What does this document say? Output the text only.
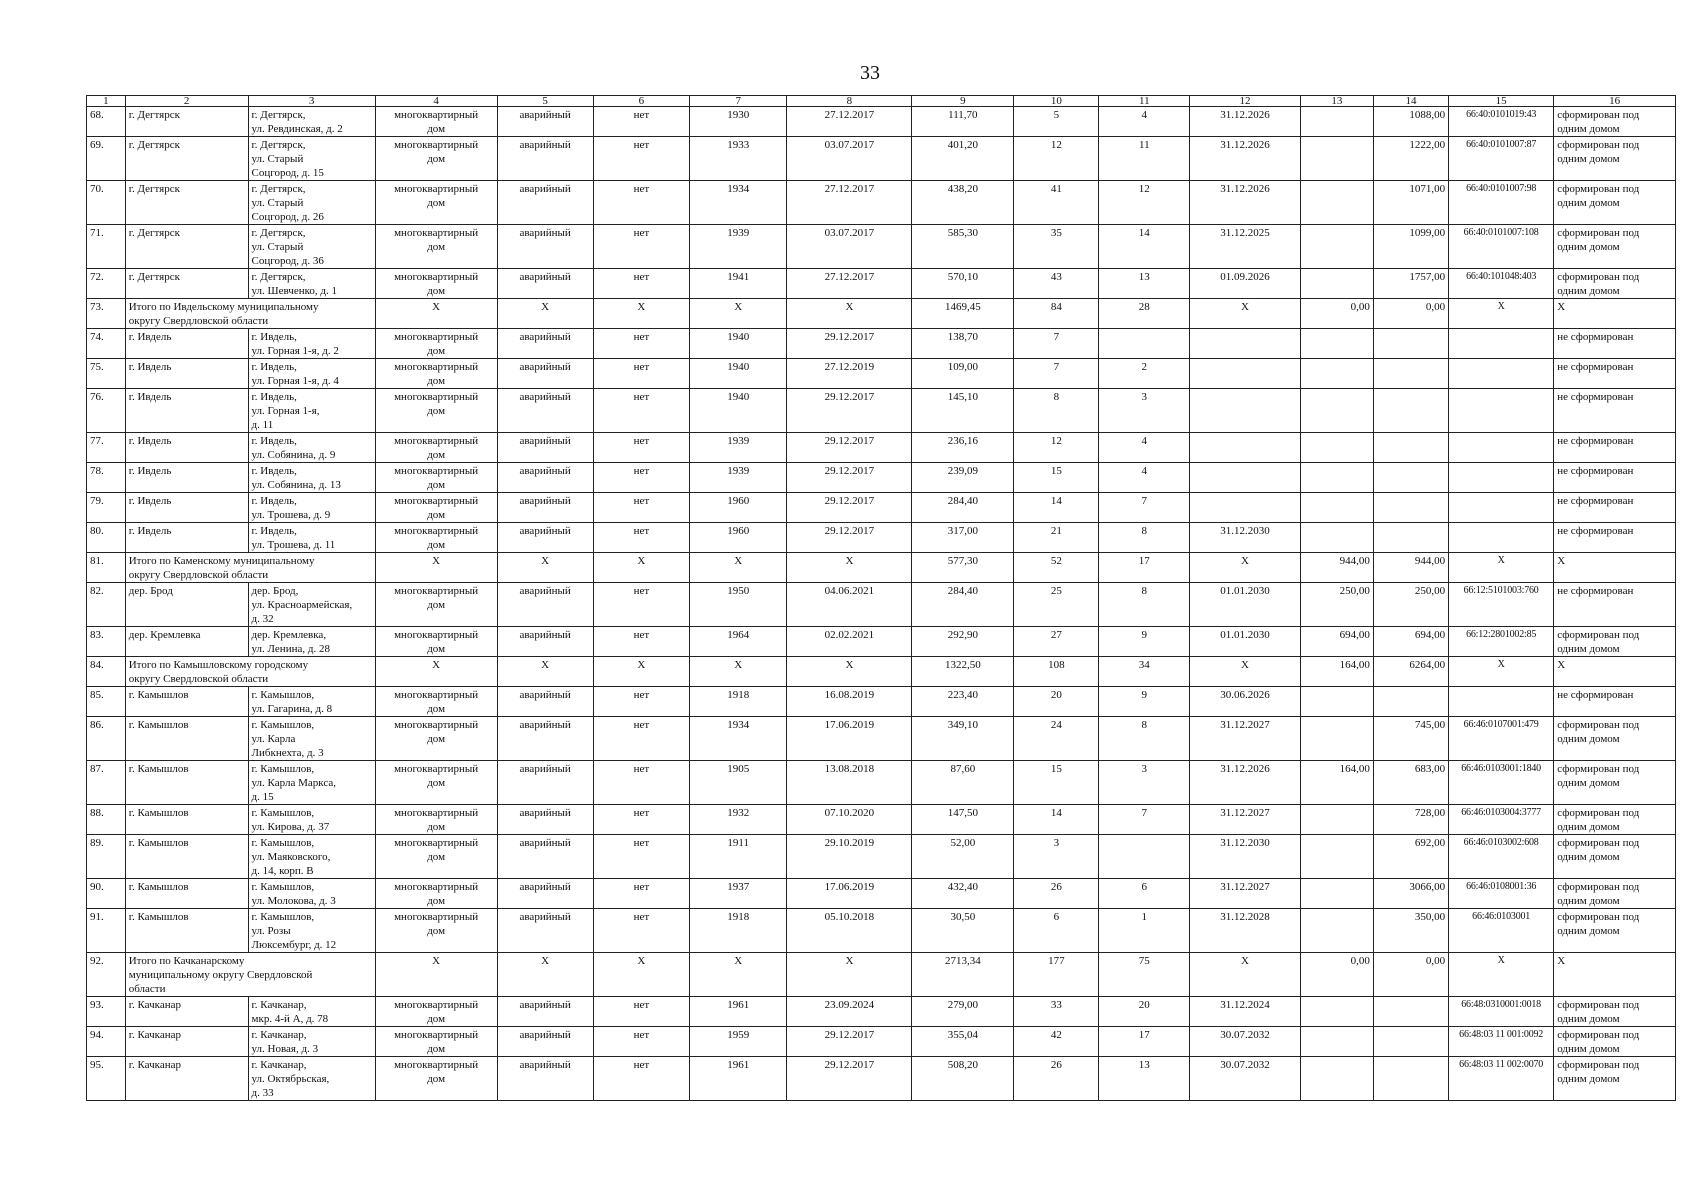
33
1	2	3	4	5	6	7	8	9	10	11	12	13	14	15	16
68.	г. Дегтярск	г. Дегтярск,
ул. Ревдинская, д. 2	многоквартирный
дом	аварийный	нет	1930	27.12.2017	111,70	5	4	31.12.2026		1088,00	66:40:0101019:43	сформирован под
одним домом
69.	г. Дегтярск	г. Дегтярск,
ул. Старый
Соцгород, д. 15	многоквартирный
дом	аварийный	нет	1933	03.07.2017	401,20	12	11	31.12.2026		1222,00	66:40:0101007:87	сформирован под
одним домом
70.	г. Дегтярск	г. Дегтярск,
ул. Старый
Соцгород, д. 26	многоквартирный
дом	аварийный	нет	1934	27.12.2017	438,20	41	12	31.12.2026		1071,00	66:40:0101007:98	сформирован под
одним домом
71.	г. Дегтярск	г. Дегтярск,
ул. Старый
Соцгород, д. 36	многоквартирный
дом	аварийный	нет	1939	03.07.2017	585,30	35	14	31.12.2025		1099,00	66:40:0101007:108	сформирован под
одним домом
72.	г. Дегтярск	г. Дегтярск,
ул. Шевченко, д. 1	многоквартирный
дом	аварийный	нет	1941	27.12.2017	570,10	43	13	01.09.2026		1757,00	66:40:101048:403	сформирован под
одним домом
73.	Итого по Ивдельскому муниципальному
округу Свердловской области		Х	Х	Х	Х	Х	1469,45	84	28	Х	0,00	0,00	Х	Х
74.	г. Ивдель	г. Ивдель,
ул. Горная 1-я, д. 2	многоквартирный
дом	аварийный	нет	1940	29.12.2017	138,70	7						не сформирован
75.	г. Ивдель	г. Ивдель,
ул. Горная 1-я, д. 4	многоквартирный
дом	аварийный	нет	1940	27.12.2019	109,00	7	2					не сформирован
76.	г. Ивдель	г. Ивдель,
ул. Горная 1-я,
д. 11	многоквартирный
дом	аварийный	нет	1940	29.12.2017	145,10	8	3					не сформирован
77.	г. Ивдель	г. Ивдель,
ул. Собянина, д. 9	многоквартирный
дом	аварийный	нет	1939	29.12.2017	236,16	12	4					не сформирован
78.	г. Ивдель	г. Ивдель,
ул. Собянина, д. 13	многоквартирный
дом	аварийный	нет	1939	29.12.2017	239,09	15	4					не сформирован
79.	г. Ивдель	г. Ивдель,
ул. Трошева, д. 9	многоквартирный
дом	аварийный	нет	1960	29.12.2017	284,40	14	7					не сформирован
80.	г. Ивдель	г. Ивдель,
ул. Трошева, д. 11	многоквартирный
дом	аварийный	нет	1960	29.12.2017	317,00	21	8	31.12.2030				не сформирован
81.	Итого по Каменскому муниципальному
округу Свердловской области		Х	Х	Х	Х	Х	577,30	52	17	Х	944,00	944,00	Х	Х
82.	дер. Брод	дер. Брод,
ул. Красноармейская,
д. 32	многоквартирный
дом	аварийный	нет	1950	04.06.2021	284,40	25	8	01.01.2030	250,00	250,00	66:12:5101003:760	не сформирован
83.	дер. Кремлевка	дер. Кремлевка,
ул. Ленина, д. 28	многоквартирный
дом	аварийный	нет	1964	02.02.2021	292,90	27	9	01.01.2030	694,00	694,00	66:12:2801002:85	сформирован под
одним домом
84.	Итого по Камышловскому городскому
округу Свердловской области		Х	Х	Х	Х	Х	1322,50	108	34	Х	164,00	6264,00	Х	Х
85.	г. Камышлов	г. Камышлов,
ул. Гагарина, д. 8	многоквартирный
дом	аварийный	нет	1918	16.08.2019	223,40	20	9	30.06.2026				не сформирован
86.	г. Камышлов	г. Камышлов,
ул. Карла
Либкнехта, д. 3	многоквартирный
дом	аварийный	нет	1934	17.06.2019	349,10	24	8	31.12.2027		745,00	66:46:0107001:479	сформирован под
одним домом
87.	г. Камышлов	г. Камышлов,
ул. Карла Маркса,
д. 15	многоквартирный
дом	аварийный	нет	1905	13.08.2018	87,60	15	3	31.12.2026	164,00	683,00	66:46:0103001:1840	сформирован под
одним домом
88.	г. Камышлов	г. Камышлов,
ул. Кирова, д. 37	многоквартирный
дом	аварийный	нет	1932	07.10.2020	147,50	14	7	31.12.2027		728,00	66:46:0103004:3777	сформирован под
одним домом
89.	г. Камышлов	г. Камышлов,
ул. Маяковского,
д. 14, корп. В	многоквартирный
дом	аварийный	нет	1911	29.10.2019	52,00	3		31.12.2030		692,00	66:46:0103002:608	сформирован под
одним домом
90.	г. Камышлов	г. Камышлов,
ул. Молокова, д. 3	многоквартирный
дом	аварийный	нет	1937	17.06.2019	432,40	26	6	31.12.2027		3066,00	66:46:0108001:36	сформирован под
одним домом
91.	г. Камышлов	г. Камышлов,
ул. Розы
Люксембург, д. 12	многоквартирный
дом	аварийный	нет	1918	05.10.2018	30,50	6	1	31.12.2028		350,00	66:46:0103001	сформирован под
одним домом
92.	Итого по Качканарскому
муниципальному округу Свердловской
области		Х	Х	Х	Х	Х	2713,34	177	75	Х	0,00	0,00	Х	Х
93.	г. Качканар	г. Качканар,
мкр. 4-й А, д. 78	многоквартирный
дом	аварийный	нет	1961	23.09.2024	279,00	33	20	31.12.2024			66:48:0310001:0018	сформирован под
одним домом
94.	г. Качканар	г. Качканар,
ул. Новая, д. 3	многоквартирный
дом	аварийный	нет	1959	29.12.2017	355,04	42	17	30.07.2032			66:48:03 11 001:0092	сформирован под
одним домом
95.	г. Качканар	г. Качканар,
ул. Октябрьская,
д. 33	многоквартирный
дом	аварийный	нет	1961	29.12.2017	508,20	26	13	30.07.2032			66:48:03 11 002:0070	сформирован под
одним домом
